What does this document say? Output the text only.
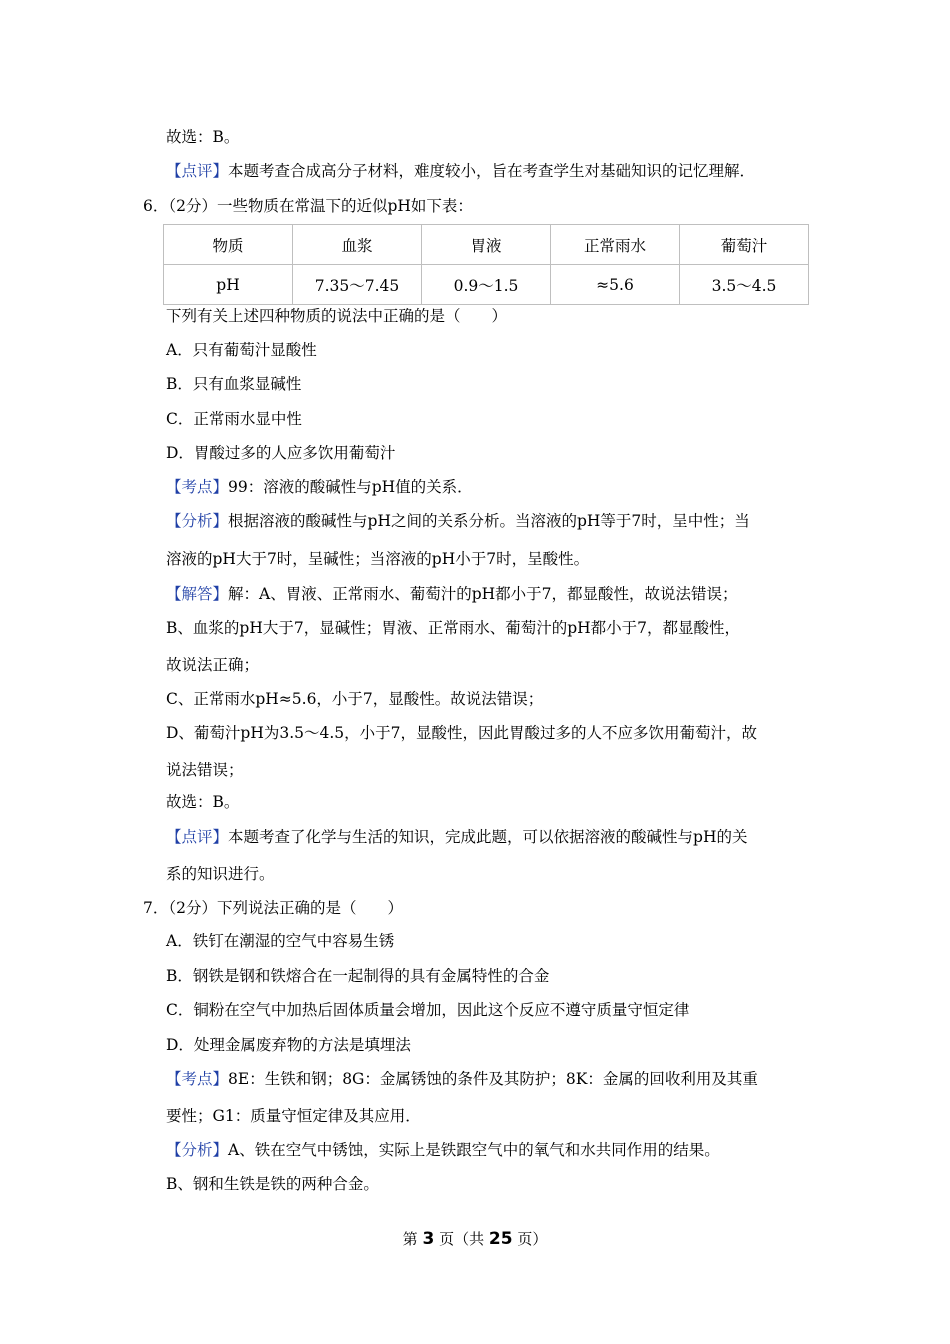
故选：B。
【点评】本题考查合成高分子材料，难度较小，旨在考查学生对基础知识的记忆理解．
6．（2分）一些物质在常温下的近似pH如下表：
物质	血浆	胃液	正常雨水	葡萄汁
pH	7.35～7.45	0.9～1.5	≈5.6	3.5～4.5
下列有关上述四种物质的说法中正确的是（　　）
A．只有葡萄汁显酸性
B．只有血浆显碱性
C．正常雨水显中性
D．胃酸过多的人应多饮用葡萄汁
【考点】99：溶液的酸碱性与pH值的关系．
【分析】根据溶液的酸碱性与pH之间的关系分析。当溶液的pH等于7时，呈中性；当
溶液的pH大于7时，呈碱性；当溶液的pH小于7时，呈酸性。
【解答】解：A、胃液、正常雨水、葡萄汁的pH都小于7，都显酸性，故说法错误；
B、血浆的pH大于7，显碱性；胃液、正常雨水、葡萄汁的pH都小于7，都显酸性，
故说法正确；
C、正常雨水pH≈5.6，小于7，显酸性。故说法错误；
D、葡萄汁pH为3.5～4.5，小于7，显酸性，因此胃酸过多的人不应多饮用葡萄汁，故
说法错误；
故选：B。
【点评】本题考查了化学与生活的知识，完成此题，可以依据溶液的酸碱性与pH的关
系的知识进行。
7．（2分）下列说法正确的是（　　）
A．铁钉在潮湿的空气中容易生锈
B．钢铁是钢和铁熔合在一起制得的具有金属特性的合金
C．铜粉在空气中加热后固体质量会增加，因此这个反应不遵守质量守恒定律
D．处理金属废弃物的方法是填埋法
【考点】8E：生铁和钢；8G：金属锈蚀的条件及其防护；8K：金属的回收利用及其重
要性；G1：质量守恒定律及其应用．
【分析】A、铁在空气中锈蚀，实际上是铁跟空气中的氧气和水共同作用的结果。
B、钢和生铁是铁的两种合金。
第 3 页（共 25 页）
